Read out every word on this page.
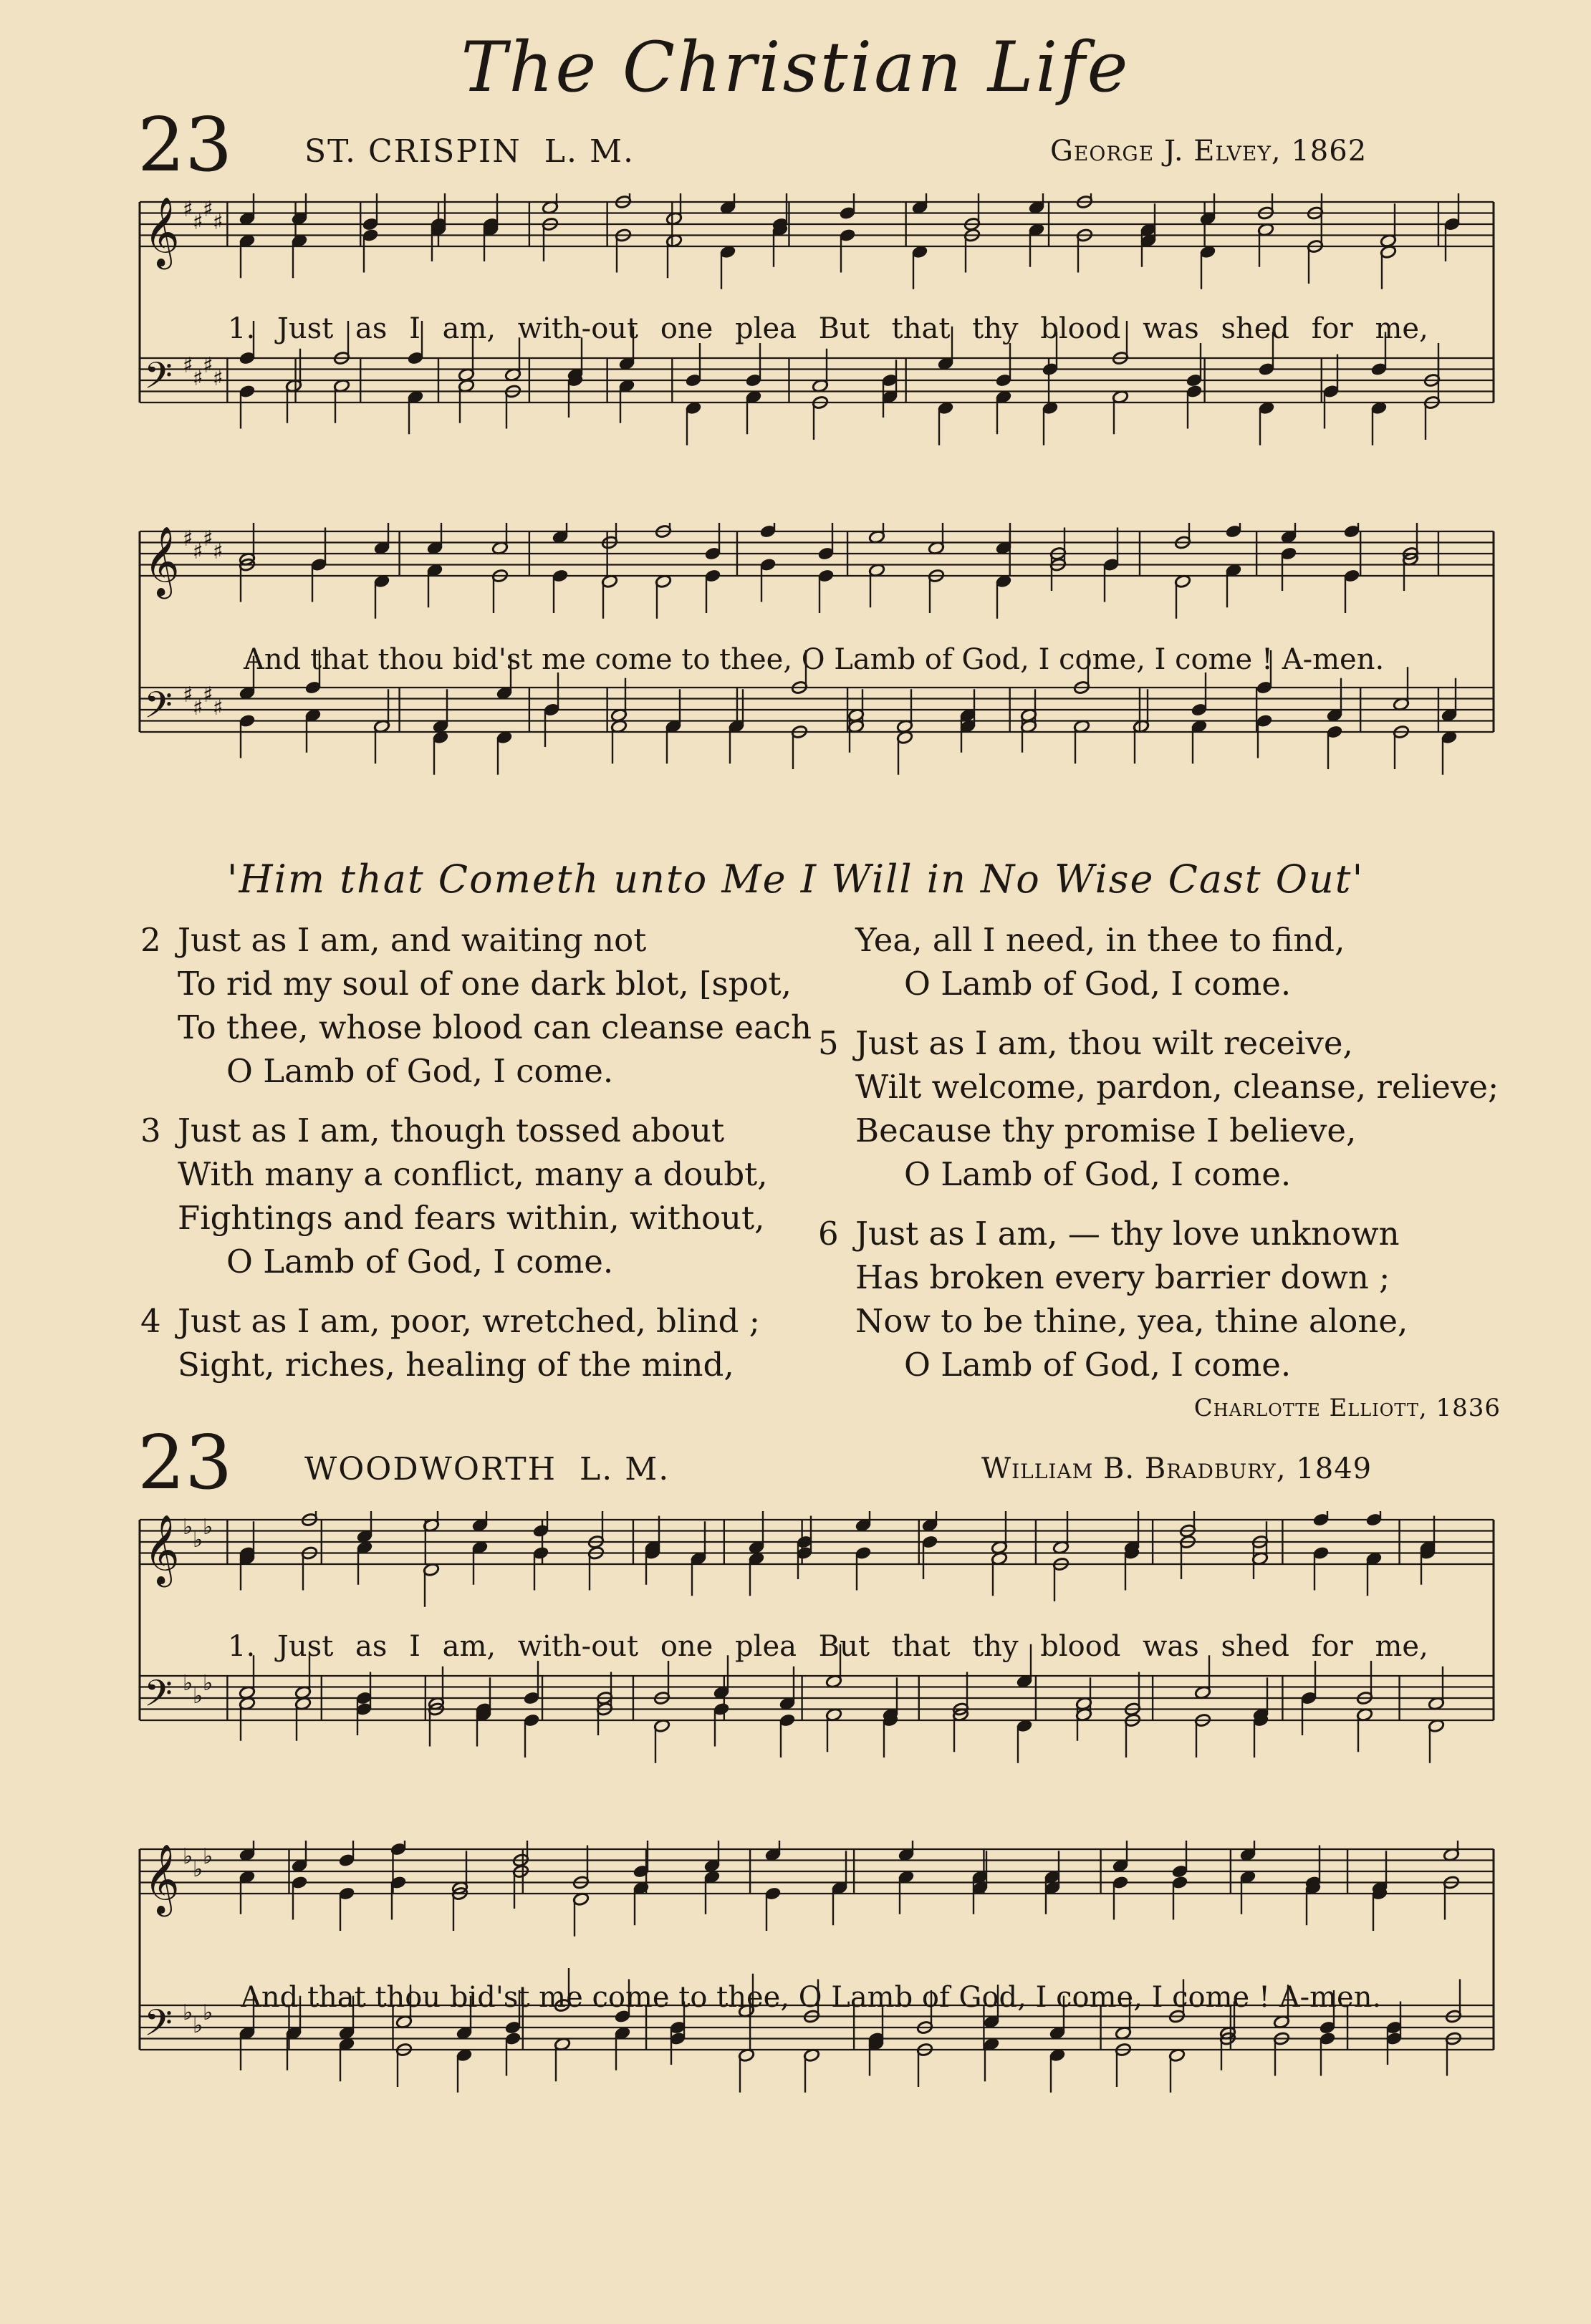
The Christian Life
23 ST. CRISPIN L. M.	George J. Elvey, 1862
𝄞 ♯
♯
♯
♯
𝄢 ♯
♯
♯
♯
1. Just as I am, with-out one plea But that thy blood was shed for me,
𝄞 ♯
♯
♯
♯
𝄢 ♯
♯
♯
♯
And that thou bid'st me come to thee, O Lamb of God, I come, I come ! A-men.
'Him that Cometh unto Me I Will in No Wise Cast Out'
2 Just as I am, and waiting not
To rid my soul of one dark blot, [spot,
To thee, whose blood can cleanse each
O Lamb of God, I come.
3 Just as I am, though tossed about
With many a conflict, many a doubt,
Fightings and fears within, without,
O Lamb of God, I come.
4 Just as I am, poor, wretched, blind ;
Sight, riches, healing of the mind,
Yea, all I need, in thee to find,
O Lamb of God, I come.
5 Just as I am, thou wilt receive,
Wilt welcome, pardon, cleanse, relieve;
Because thy promise I believe,
O Lamb of God, I come.
6 Just as I am, — thy love unknown
Has broken every barrier down ;
Now to be thine, yea, thine alone,
O Lamb of God, I come.
Charlotte Elliott, 1836
23 WOODWORTH L. M.	William B. Bradbury, 1849
𝄞 ♭
♭
♭
𝄢 ♭
♭
♭
1. Just as I am, with-out one plea But that thy blood was shed for me,
𝄞 ♭
♭
♭
𝄢 ♭
♭
♭ And that thou bid'st me come to thee, O Lamb of God, I come, I come ! A-men.
